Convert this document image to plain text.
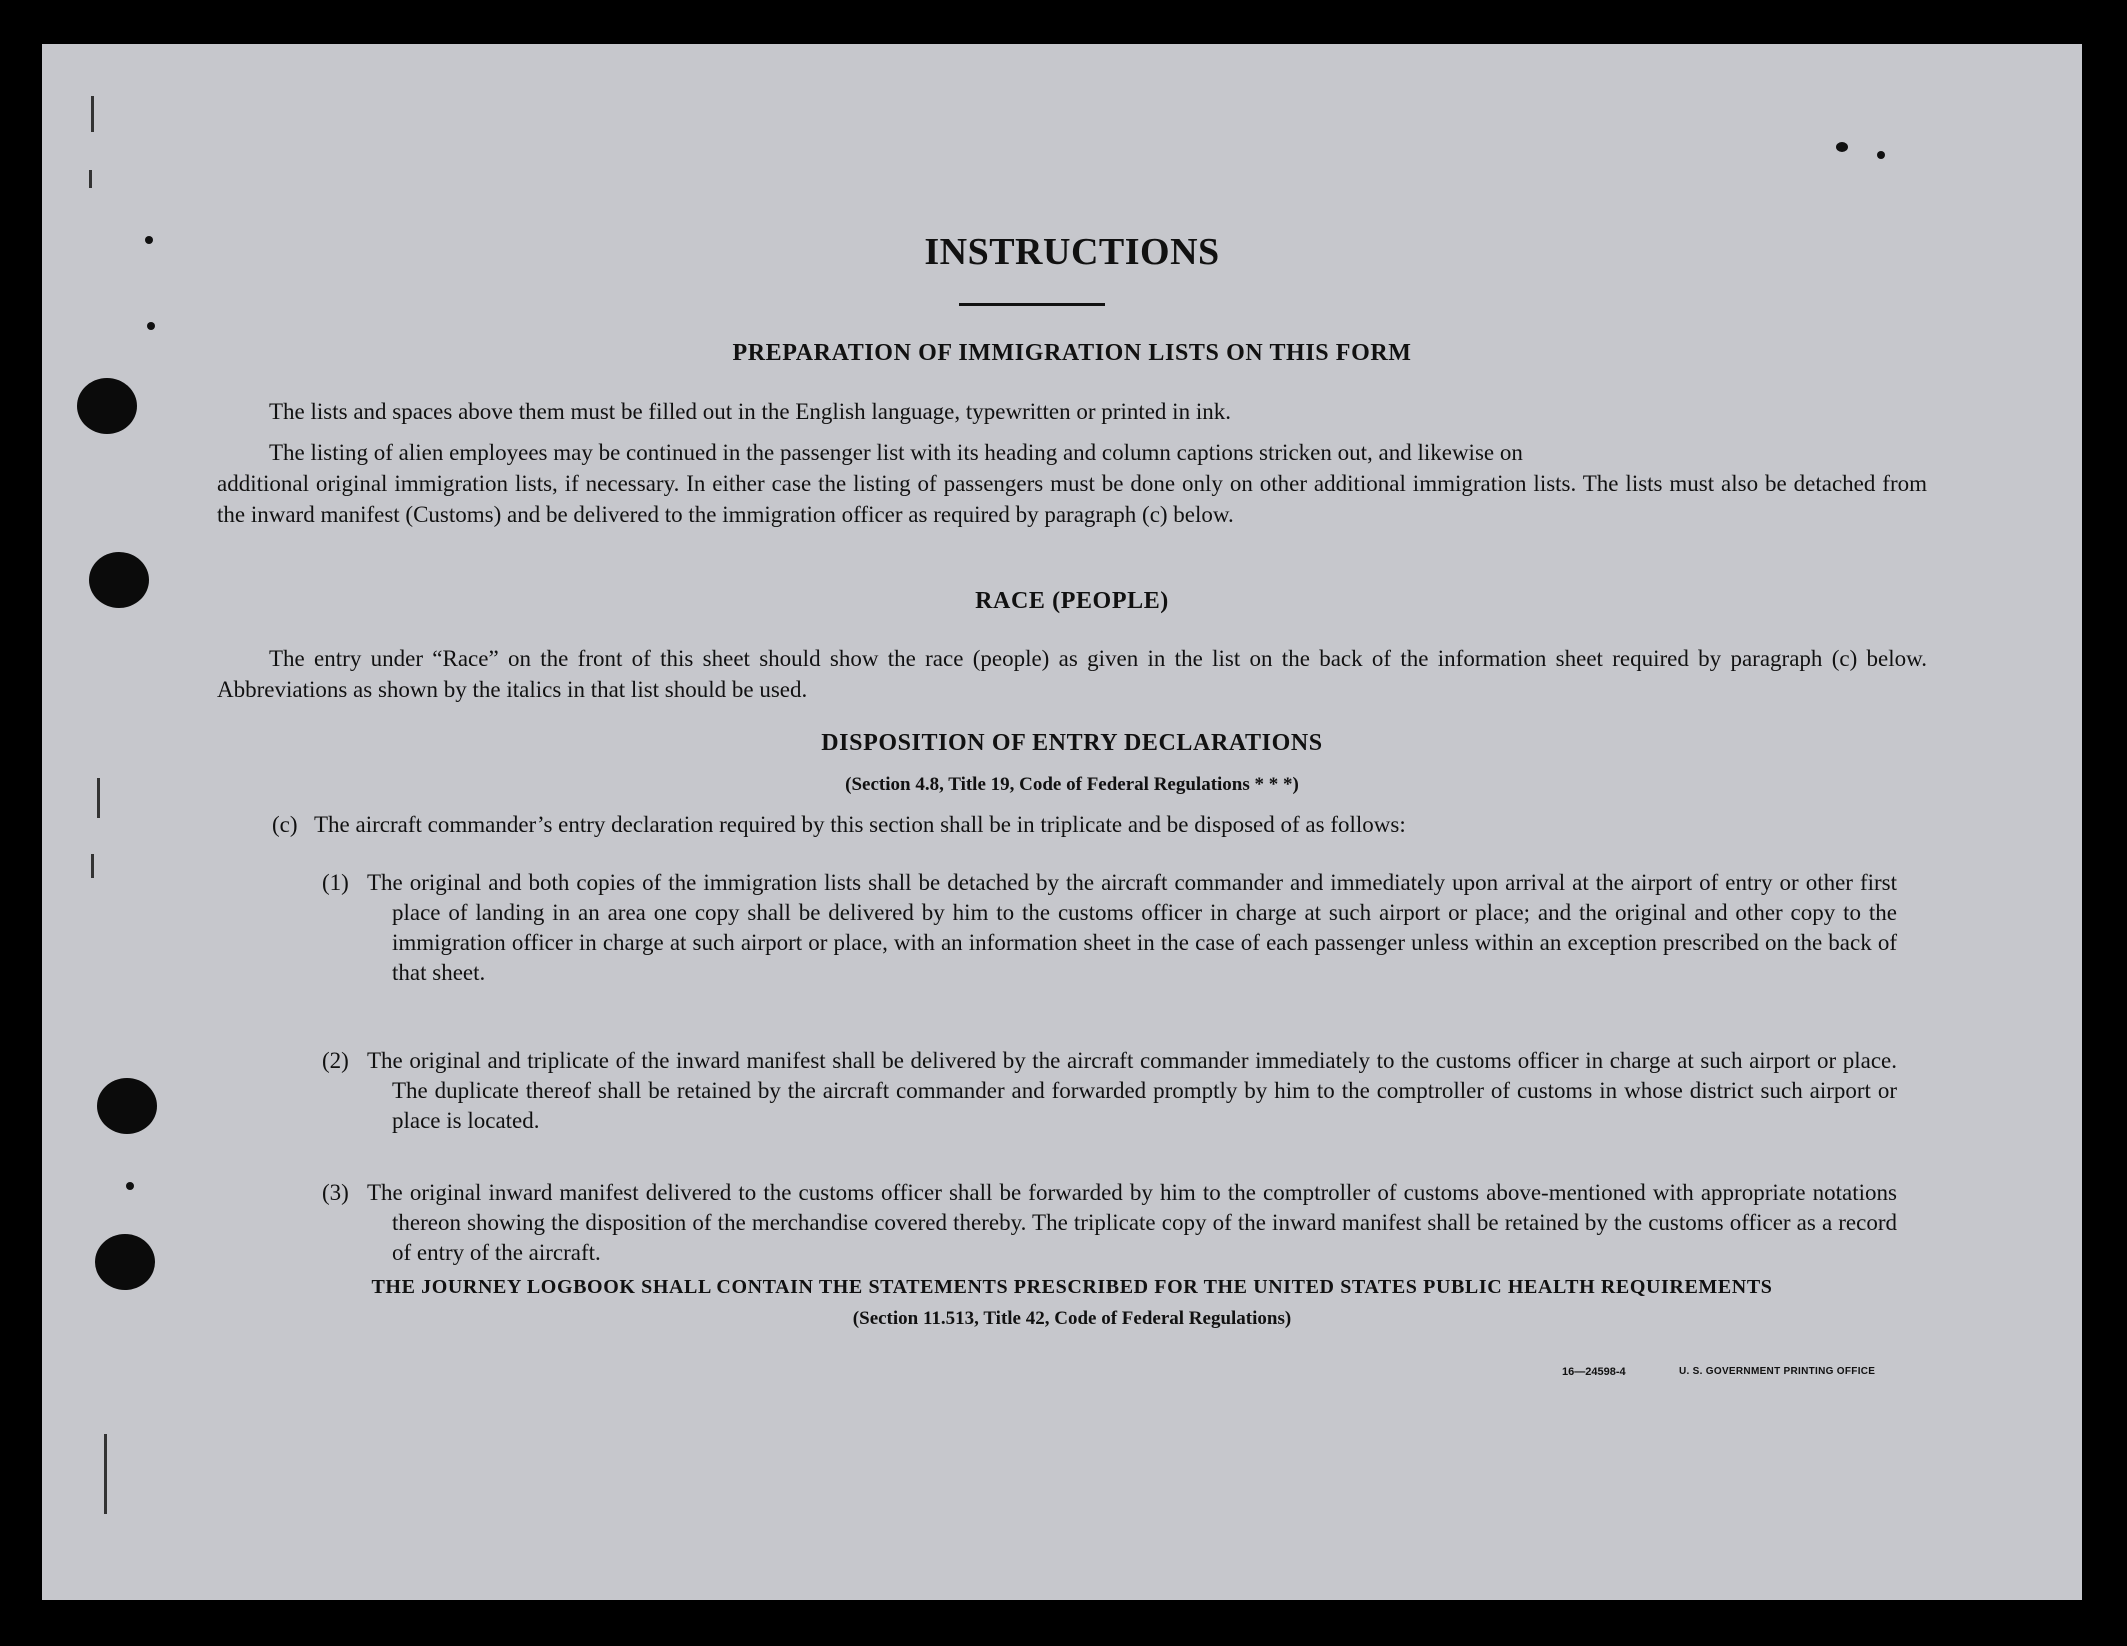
INSTRUCTIONS
PREPARATION OF IMMIGRATION LISTS ON THIS FORM
The lists and spaces above them must be filled out in the English language, typewritten or printed in ink.
The listing of alien employees may be continued in the passenger list with its heading and column captions stricken out, and likewise on
additional original immigration lists, if necessary. In either case the listing of passengers must be done only on other additional immigration lists. The lists must also be detached from the inward manifest (Customs) and be delivered to the immigration officer as required by paragraph (c) below.
RACE (PEOPLE)
The entry under “Race” on the front of this sheet should show the race (people) as given in the list on the back of the information sheet required by paragraph (c) below. Abbreviations as shown by the italics in that list should be used.
DISPOSITION OF ENTRY DECLARATIONS
(Section 4.8, Title 19, Code of Federal Regulations * * *)
(c) The aircraft commander’s entry declaration required by this section shall be in triplicate and be disposed of as follows:
(1) The original and both copies of the immigration lists shall be detached by the aircraft commander and immediately upon arrival at the airport of entry or other first place of landing in an area one copy shall be delivered by him to the customs officer in charge at such airport or place; and the original and other copy to the immigration officer in charge at such airport or place, with an information sheet in the case of each passenger unless within an exception prescribed on the back of that sheet.
(2) The original and triplicate of the inward manifest shall be delivered by the aircraft commander immediately to the customs officer in charge at such airport or place. The duplicate thereof shall be retained by the aircraft commander and forwarded promptly by him to the comptroller of customs in whose district such airport or place is located.
(3) The original inward manifest delivered to the customs officer shall be forwarded by him to the comptroller of customs above-mentioned with appropriate notations thereon showing the disposition of the merchandise covered thereby. The triplicate copy of the inward manifest shall be retained by the customs officer as a record of entry of the aircraft.
THE JOURNEY LOGBOOK SHALL CONTAIN THE STATEMENTS PRESCRIBED FOR THE UNITED STATES PUBLIC HEALTH REQUIREMENTS
(Section 11.513, Title 42, Code of Federal Regulations)
16—24598-4	U. S. GOVERNMENT PRINTING OFFICE
